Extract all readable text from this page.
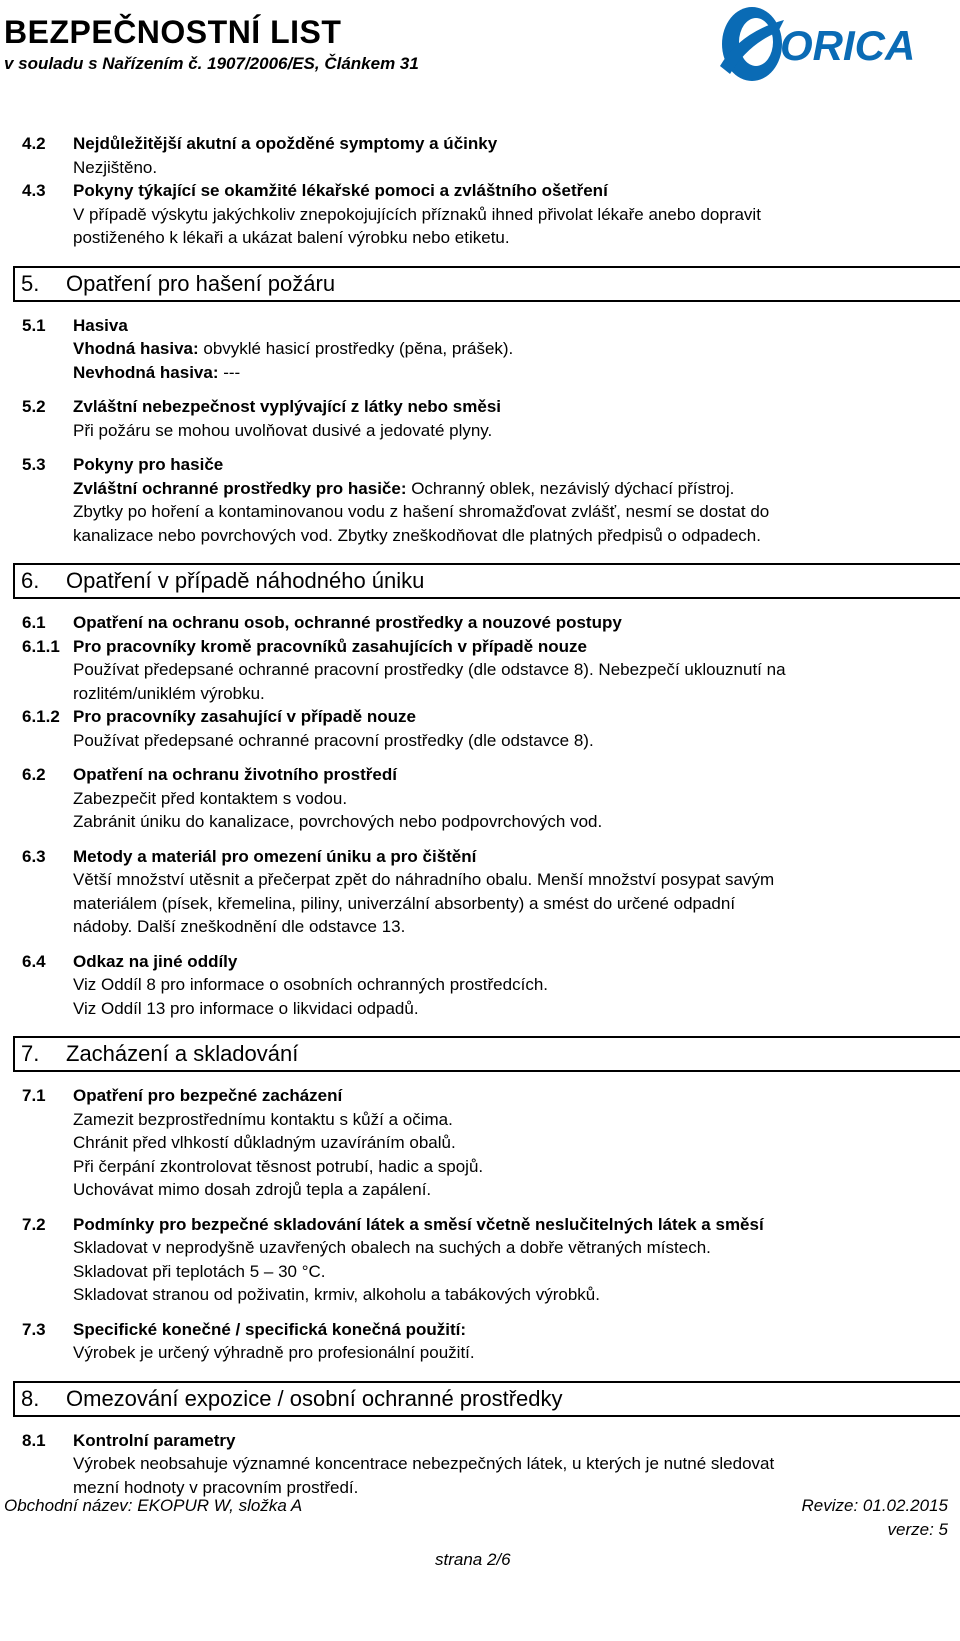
BEZPEČNOSTNÍ LIST
v souladu s Nařízením č. 1907/2006/ES, Článkem 31	ORICA
4.2 Nejdůležitější akutní a opožděné symptomy a účinky
Nezjištěno.
4.3 Pokyny týkající se okamžité lékařské pomoci a zvláštního ošetření
V případě výskytu jakýchkoliv znepokojujících příznaků ihned přivolat lékaře anebo dopravit
postiženého k lékaři a ukázat balení výrobku nebo etiketu.
5. Opatření pro hašení požáru
5.1 Hasiva
Vhodná hasiva: obvyklé hasicí prostředky (pěna, prášek).
Nevhodná hasiva: ---
5.2 Zvláštní nebezpečnost vyplývající z látky nebo směsi
Při požáru se mohou uvolňovat dusivé a jedovaté plyny.
5.3 Pokyny pro hasiče
Zvláštní ochranné prostředky pro hasiče: Ochranný oblek, nezávislý dýchací přístroj.
Zbytky po hoření a kontaminovanou vodu z hašení shromažďovat zvlášť, nesmí se dostat do
kanalizace nebo povrchových vod. Zbytky zneškodňovat dle platných předpisů o odpadech.
6. Opatření v případě náhodného úniku
6.1 Opatření na ochranu osob, ochranné prostředky a nouzové postupy
6.1.1 Pro pracovníky kromě pracovníků zasahujících v případě nouze
Používat předepsané ochranné pracovní prostředky (dle odstavce 8). Nebezpečí uklouznutí na
rozlitém/uniklém výrobku.
6.1.2 Pro pracovníky zasahující v případě nouze
Používat předepsané ochranné pracovní prostředky (dle odstavce 8).
6.2 Opatření na ochranu životního prostředí
Zabezpečit před kontaktem s vodou.
Zabránit úniku do kanalizace, povrchových nebo podpovrchových vod.
6.3 Metody a materiál pro omezení úniku a pro čištění
Větší množství utěsnit a přečerpat zpět do náhradního obalu. Menší množství posypat savým
materiálem (písek, křemelina, piliny, univerzální absorbenty) a smést do určené odpadní
nádoby. Další zneškodnění dle odstavce 13.
6.4 Odkaz na jiné oddíly
Viz Oddíl 8 pro informace o osobních ochranných prostředcích.
Viz Oddíl 13 pro informace o likvidaci odpadů.
7. Zacházení a skladování
7.1 Opatření pro bezpečné zacházení
Zamezit bezprostřednímu kontaktu s kůží a očima.
Chránit před vlhkostí důkladným uzavíráním obalů.
Při čerpání zkontrolovat těsnost potrubí, hadic a spojů.
Uchovávat mimo dosah zdrojů tepla a zapálení.
7.2 Podmínky pro bezpečné skladování látek a směsí včetně neslučitelných látek a směsí
Skladovat v neprodyšně uzavřených obalech na suchých a dobře větraných místech.
Skladovat při teplotách 5 – 30 °C.
Skladovat stranou od poživatin, krmiv, alkoholu a tabákových výrobků.
7.3 Specifické konečné / specifická konečná použití:
Výrobek je určený výhradně pro profesionální použití.
8. Omezování expozice / osobní ochranné prostředky
8.1 Kontrolní parametry
Výrobek neobsahuje významné koncentrace nebezpečných látek, u kterých je nutné sledovat
mezní hodnoty v pracovním prostředí.
Obchodní název: EKOPUR W, složka A	Revize: 01.02.2015
verze: 5
strana 2/6
